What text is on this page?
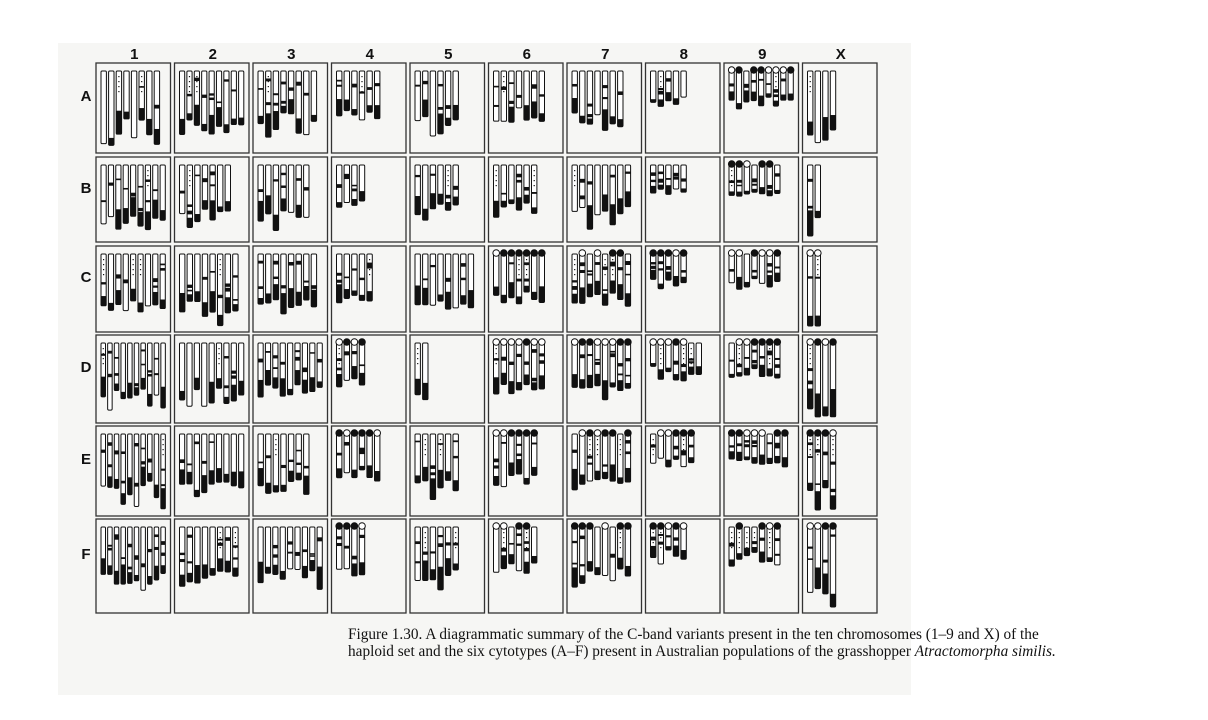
1	2	3	4	5	6	7	8	9	X
A
B
C
D
E
F
Figure 1.30. A diagrammatic summary of the C-band variants present in the ten chromosomes (1–9 and X) of the
haploid set and the six cytotypes (A–F) present in Australian populations of the grasshopper Atractomorpha similis.
